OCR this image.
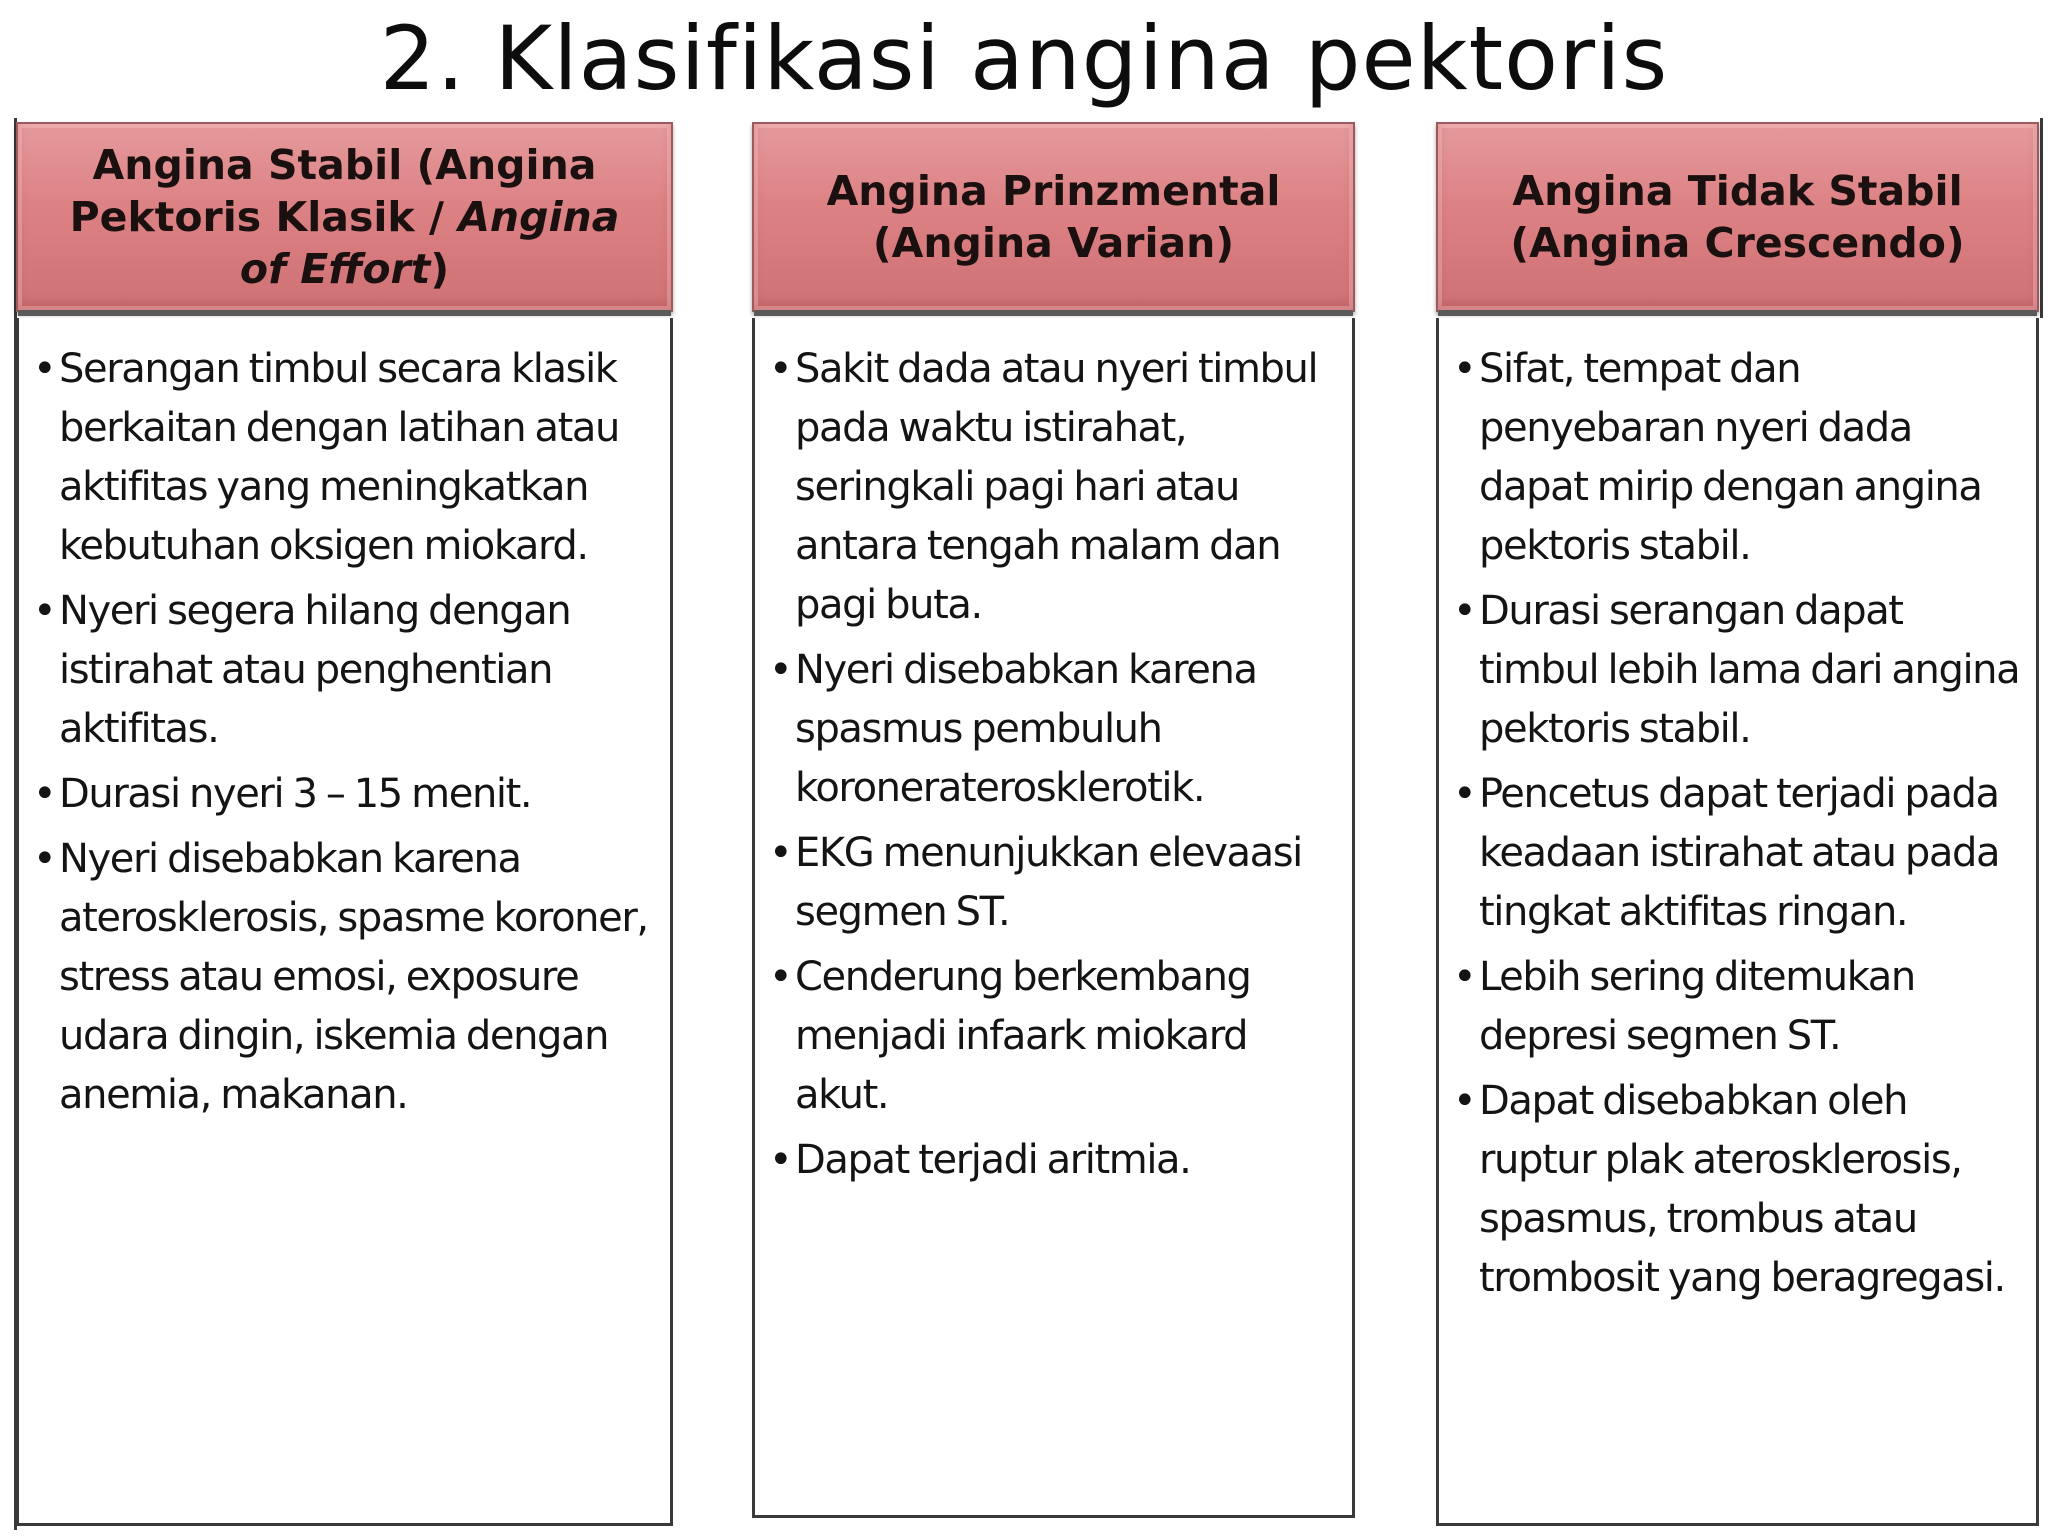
2. Klasifikasi angina pektoris
Angina Stabil (Angina Pektoris Klasik / Angina of Effort)
• Serangan timbul secara klasik berkaitan dengan latihan atau aktifitas yang meningkatkan kebutuhan oksigen miokard.
• Nyeri segera hilang dengan istirahat atau penghentian aktifitas.
• Durasi nyeri 3 – 15 menit.
• Nyeri disebabkan karena aterosklerosis, spasme koroner, stress atau emosi, exposure udara dingin, iskemia dengan anemia, makanan.
Angina Prinzmental (Angina Varian)
• Sakit dada atau nyeri timbul pada waktu istirahat, seringkali pagi hari atau antara tengah malam dan pagi buta.
• Nyeri disebabkan karena spasmus pembuluh koroneraterosklerotik.
• EKG menunjukkan elevaasi segmen ST.
• Cenderung berkembang menjadi infaark miokard akut.
• Dapat terjadi aritmia.
Angina Tidak Stabil (Angina Crescendo)
• Sifat, tempat dan penyebaran nyeri dada dapat mirip dengan angina pektoris stabil.
• Durasi serangan dapat timbul lebih lama dari angina pektoris stabil.
• Pencetus dapat terjadi pada keadaan istirahat atau pada tingkat aktifitas ringan.
• Lebih sering ditemukan depresi segmen ST.
• Dapat disebabkan oleh ruptur plak aterosklerosis, spasmus, trombus atau trombosit yang beragregasi.
